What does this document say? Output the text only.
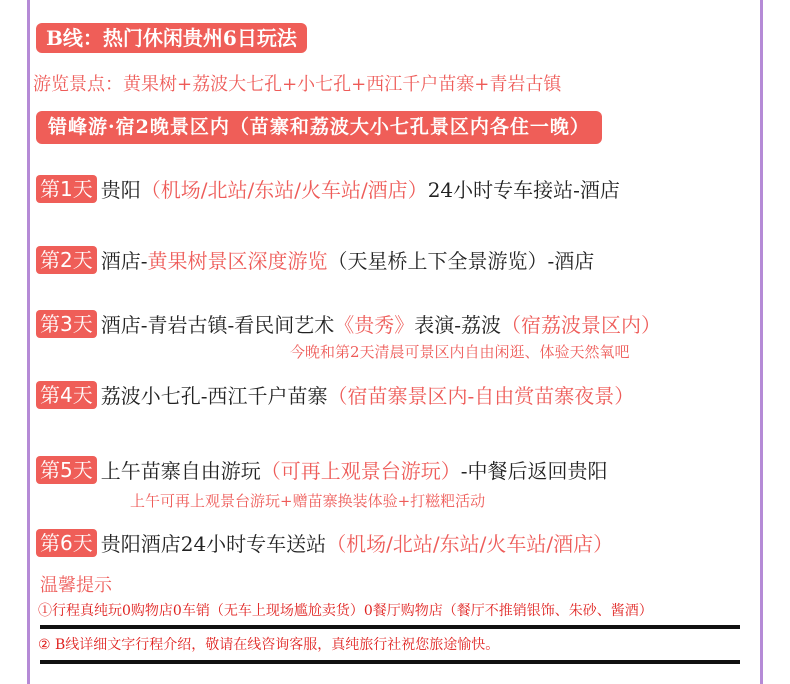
B线：热门休闲贵州6日玩法
游览景点：黄果树+荔波大七孔+小七孔+西江千户苗寨+青岩古镇
错峰游·宿2晚景区内（苗寨和荔波大小七孔景区内各住一晚）
第1天 贵阳（机场/北站/东站/火车站/酒店）24小时专车接站-酒店
第2天 酒店-黄果树景区深度游览（天星桥上下全景游览）-酒店
第3天 酒店-青岩古镇-看民间艺术《贵秀》表演-荔波（宿荔波景区内）
今晚和第2天清晨可景区内自由闲逛、体验天然氧吧
第4天 荔波小七孔-西江千户苗寨（宿苗寨景区内-自由赏苗寨夜景）
第5天 上午苗寨自由游玩（可再上观景台游玩）-中餐后返回贵阳
上午可再上观景台游玩+赠苗寨换装体验+打糍粑活动
第6天 贵阳酒店24小时专车送站（机场/北站/东站/火车站/酒店）
温馨提示
①行程真纯玩0购物店0车销（无车上现场尴尬卖货）0餐厅购物店（餐厅不推销银饰、朱砂、酱酒）
② B线详细文字行程介绍，敬请在线咨询客服，真纯旅行社祝您旅途愉快。
